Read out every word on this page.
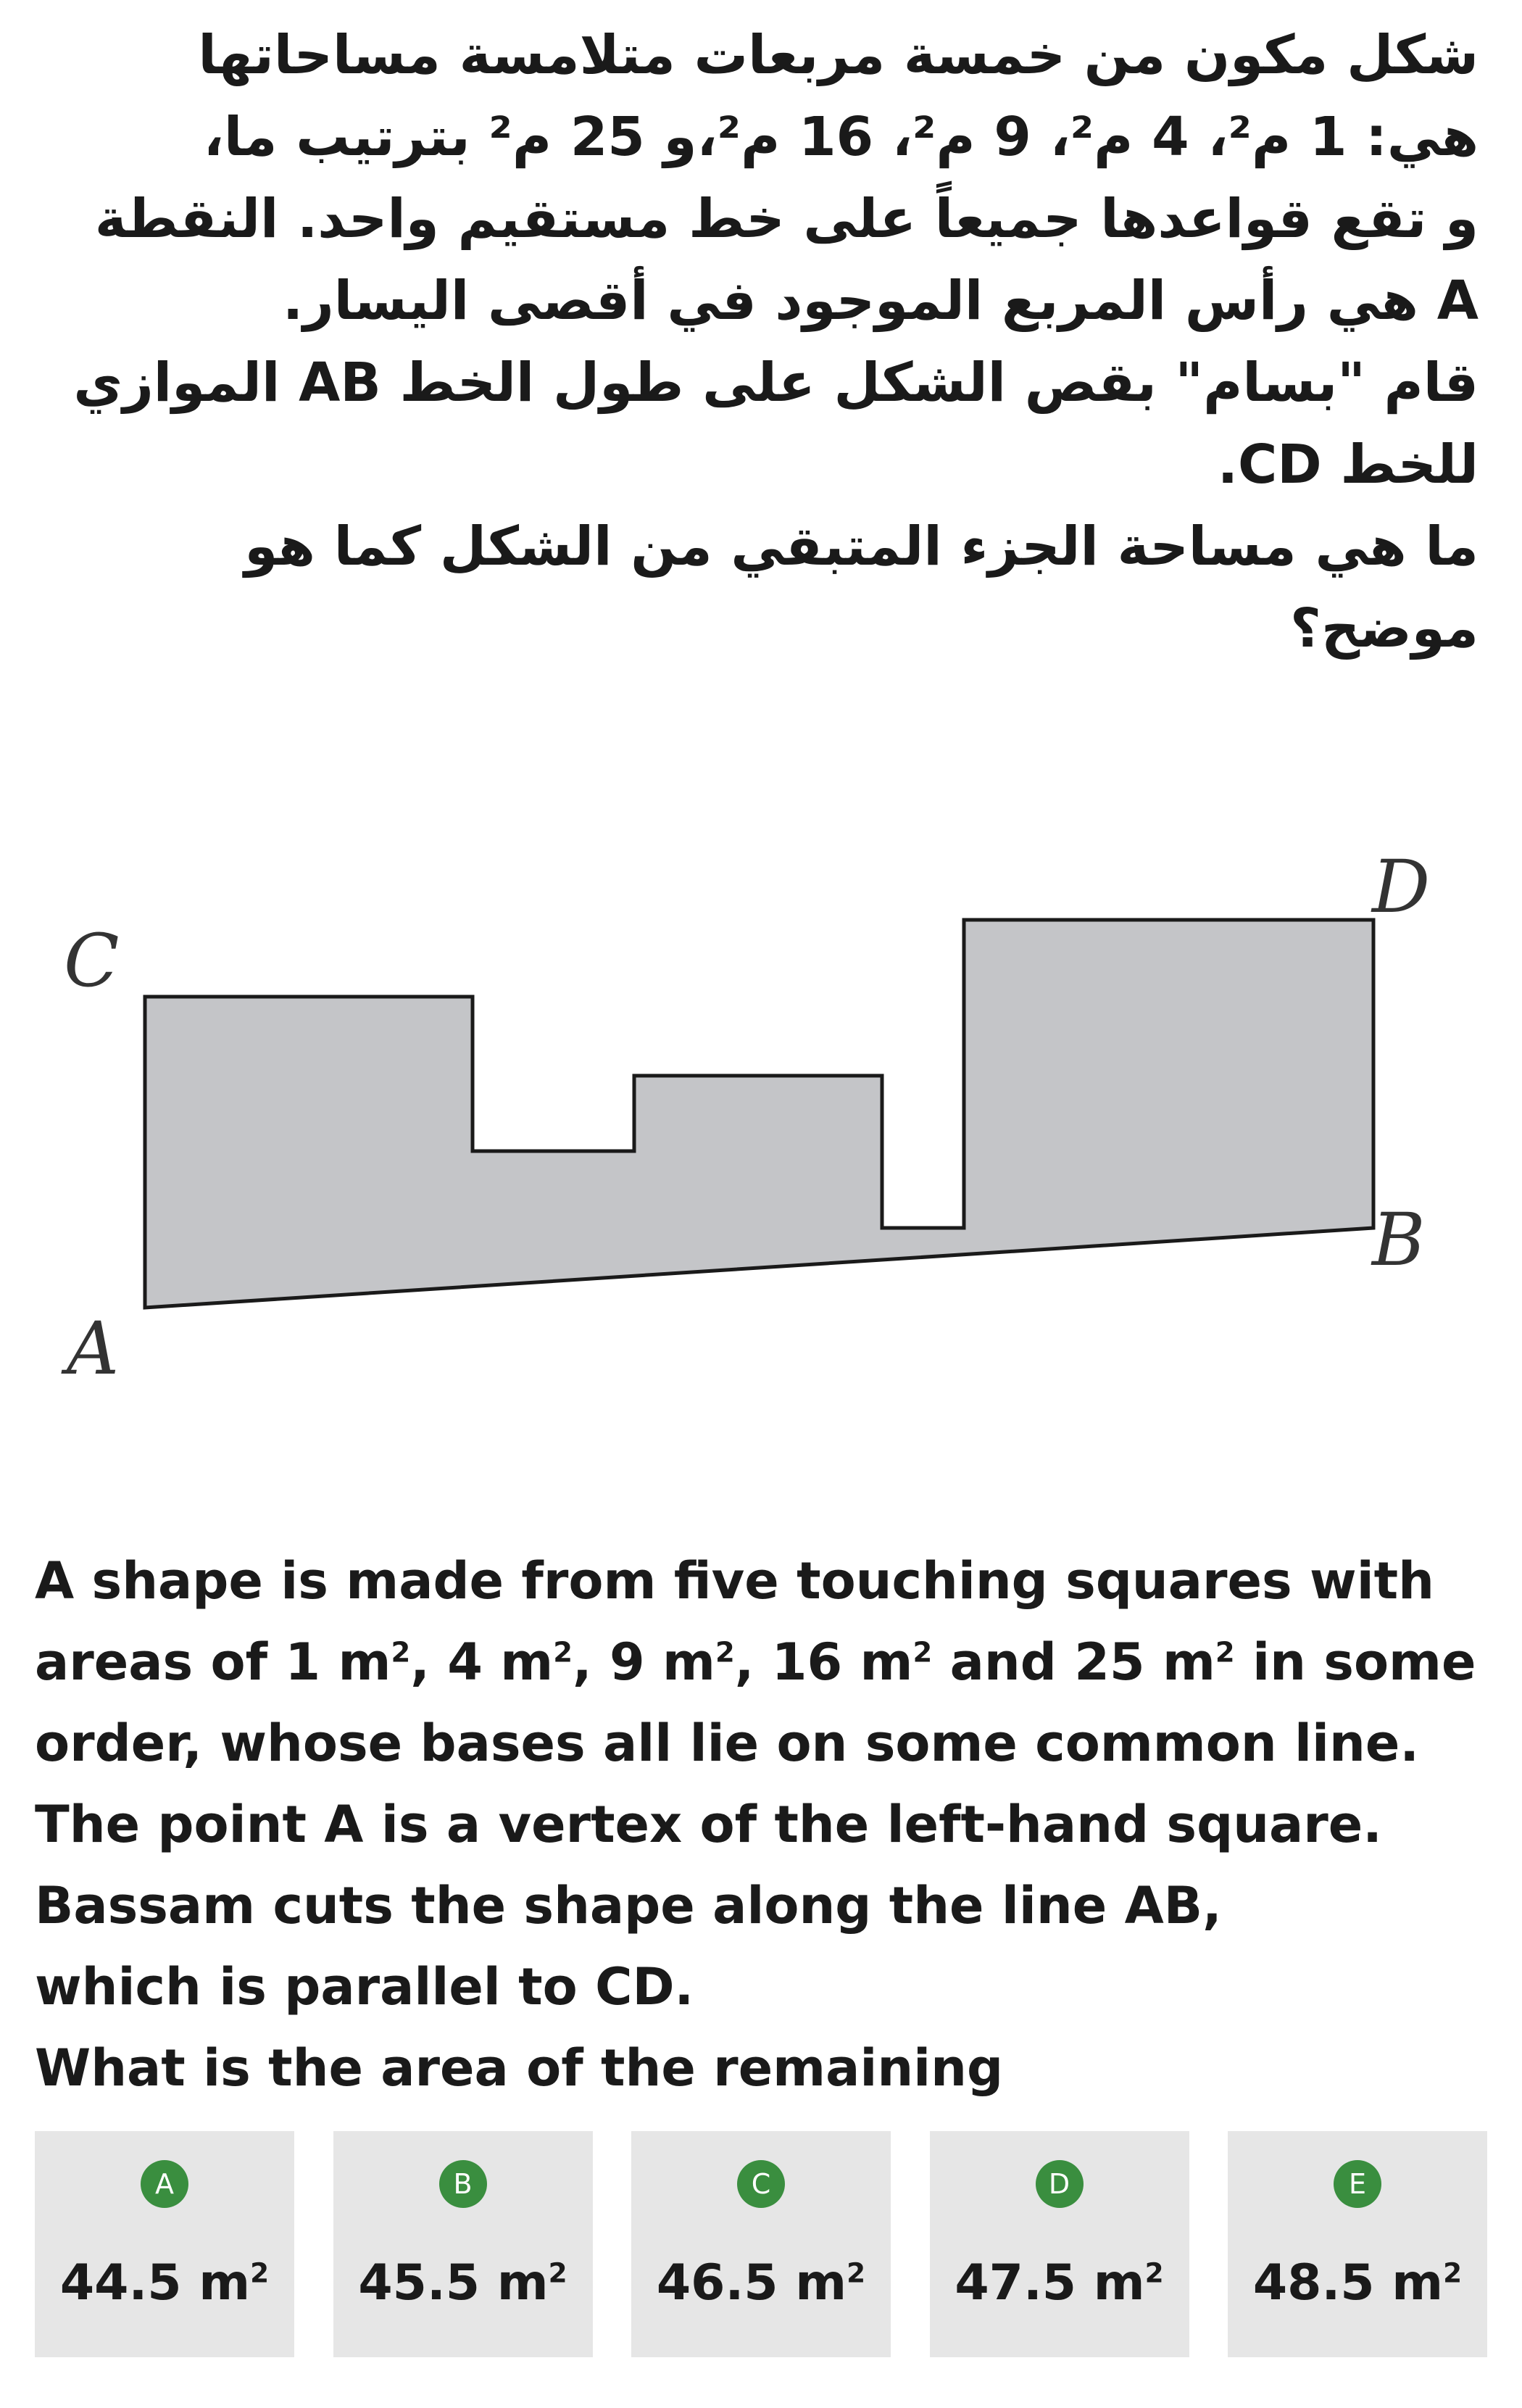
شكل مكون من خمسة مربعات متلامسة مساحاتها

هي: 1 م²، 4 م²، 9 م²، 16 م²،و 25 م² بترتيب ما،

و تقع قواعدها جميعاً على خط مستقيم واحد. النقطة

A هي رأس المربع الموجود في أقصى اليسار.

قام "بسام" بقص الشكل على طول الخط AB الموازي

للخط CD.

ما هي مساحة الجزء المتبقي من الشكل كما هو

موضح؟

C
D
B
A

A shape is made from five touching squares with

areas of 1 $m^2$, 4 $m^2$, 9 $m^2$, 16 $m^2$ and 25 $m^2$ in some

order, whose bases all lie on some common line.

The point A is a vertex of the left-hand square.

Bassam cuts the shape along the line AB,

which is parallel to CD.

What is the area of the remaining

A
44.5 $m^2$
B
45.5 $m^2$
C
46.5 $m^2$
D
47.5 $m^2$
E
48.5 $m^2$
